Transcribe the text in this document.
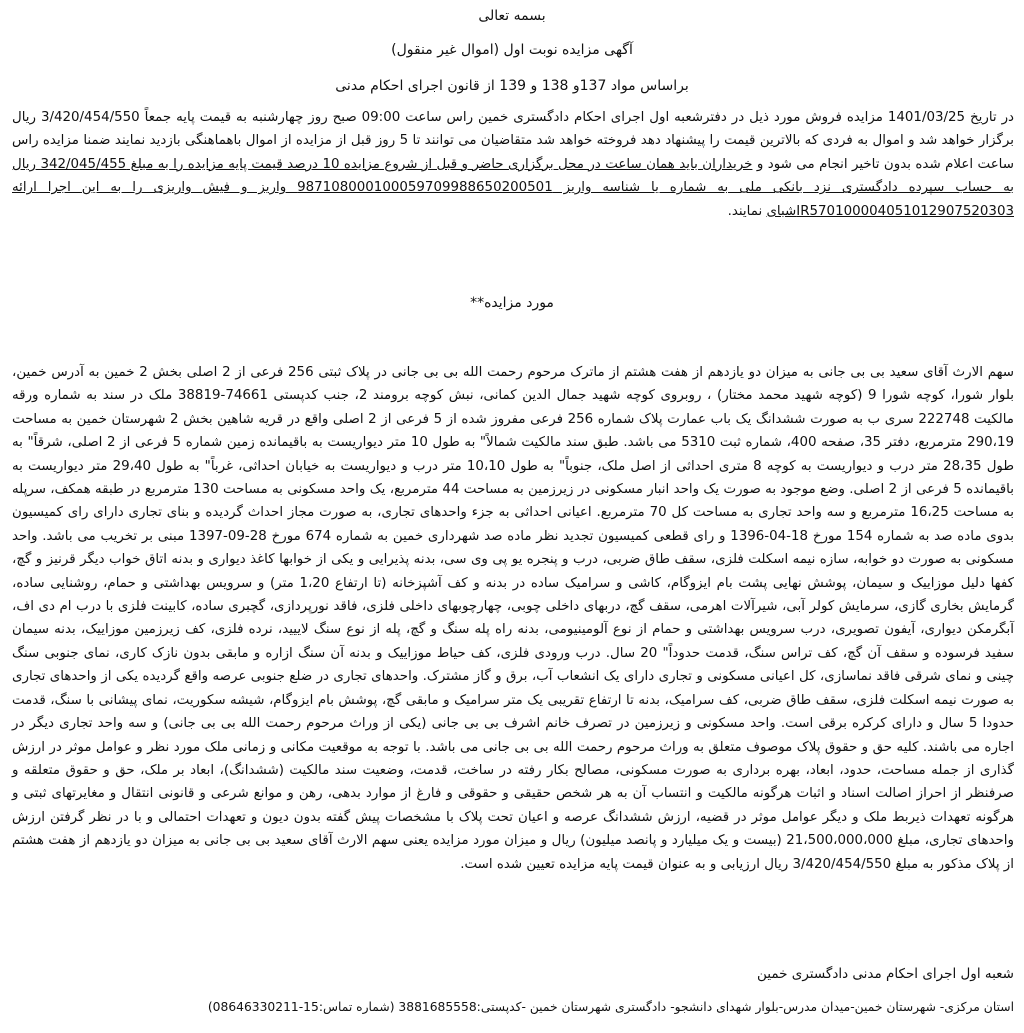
بسمه تعالی
آگهی مزایده نوبت اول (اموال غیر منقول)
براساس مواد 137و 138 و 139 از قانون اجرای احکام مدنی

در تاریخ 1401/03/25 مزایده فروش مورد ذیل در دفترشعبه اول اجرای احکام دادگستری خمین راس ساعت 09:00 صبح روز چهارشنبه به قیمت پایه جمعاً 3/420/454/550 ریال برگزار خواهد شد و اموال به فردی که بالاترین قیمت را پیشنهاد دهد فروخته خواهد شد متقاضیان می توانند تا 5 روز قبل از مزایده از اموال باهماهنگی بازدید نمایند ضمنا مزایده راس ساعت اعلام شده بدون تاخیر انجام می شود و خریداران باید همان ساعت در محل برگزاری حاضر و قبل از شروع مزایده 10 درصد قیمت پایه مزایده را به مبلغ 342/045/455 ریال به حساب سپرده دادگستری نزد بانکی ملی به شماره یا شناسه واریز 987108000100059709988650200501 واریز و فیش واریزی را به این اجرا ارائه IR570100004051012907520303شبای نمایند.

مورد مزایده**

سهم الارث آقای سعید بی بی جانی به میزان دو یازدهم از هفت هشتم از ماترک مرحوم رحمت الله بی بی جانی در پلاک ثبتی 256 فرعی از 2 اصلی بخش 2 خمین به آدرس خمین، بلوار شورا، کوچه شورا 9 (کوچه شهید محمد مختار) ، روبروی کوچه شهید جمال الدین کمانی، نبش کوچه برومند 2، جنب کدپستی 74661-38819 ملک در سند به شماره ورقه مالکیت 222748 سری ب به صورت ششدانگ یک باب عمارت پلاک شماره 256 فرعی مفروز شده از 5 فرعی از 2 اصلی واقع در قریه شاهین بخش 2 شهرستان خمین به مساحت 290،19 مترمربع، دفتر 35، صفحه 400، شماره ثبت 5310 می باشد. طبق سند مالکیت شمالاً" به طول 10 متر دیواریست به باقیمانده زمین شماره 5 فرعی از 2 اصلی، شرقاً" به طول 28،35 متر درب و دیواریست به کوچه 8 متری احداثی از اصل ملک، جنوباً" به طول 10،10 متر درب و دیواریست به خیابان احداثی، غرباً" به طول 29،40 متر دیواریست به باقیمانده 5 فرعی از 2 اصلی. وضع موجود به صورت یک واحد انبار مسکونی در زیرزمین به مساحت 44 مترمربع، یک واحد مسکونی به مساحت 130 مترمربع در طبقه همکف، سرپله به مساحت 16،25 مترمربع و سه واحد تجاری به مساحت کل 70 مترمربع. اعیانی احداثی به جزء واحدهای تجاری، به صورت مجاز احداث گردیده و بنای تجاری دارای رای کمیسیون بدوی ماده صد به شماره 154 مورخ 18-04-1396 و رای قطعی کمیسیون تجدید نظر ماده صد شهرداری خمین به شماره 674 مورخ 28-09-1397 مبنی بر تخریب می باشد. واحد مسکونی به صورت دو خوابه، سازه نیمه اسکلت فلزی، سقف طاق ضربی، درب و پنجره یو پی وی سی، بدنه پذیرایی و یکی از خوابها کاغذ دیواری و بدنه اتاق خواب دیگر قرنیز و گچ، کفها دلیل موزاییک و سیمان، پوشش نهایی پشت بام ایزوگام، کاشی و سرامیک ساده در بدنه و کف آشپزخانه (تا ارتفاع 1،20 متر) و سرویس بهداشتی و حمام، روشنایی ساده، گرمایش بخاری گازی، سرمایش کولر آبی، شیرآلات اهرمی، سقف گچ، دربهای داخلی چوبی، چهارچوبهای داخلی فلزی، فاقد نورپردازی، گچبری ساده، کابینت فلزی با درب ام دی اف، آبگرمکن دیواری، آیفون تصویری، درب سرویس بهداشتی و حمام از نوع آلومینیومی، بدنه راه پله سنگ و گچ، پله از نوع سنگ لاییید، نرده فلزی، کف زیرزمین موزاییک، بدنه سیمان سفید فرسوده و سقف آن گچ، کف تراس سنگ، قدمت حدوداً" 20 سال. درب ورودی فلزی، کف حیاط موزاییک و بدنه آن سنگ ازاره و مابقی بدون نازک کاری، نمای جنوبی سنگ چینی و نمای شرقی فاقد نماسازی، کل اعیانی مسکونی و تجاری دارای یک انشعاب آب، برق و گاز مشترک. واحدهای تجاری در ضلع جنوبی عرصه واقع گردیده یکی از واحدهای تجاری به صورت نیمه اسکلت فلزی، سقف طاق ضربی، کف سرامیک، بدنه تا ارتفاع تقریبی یک متر سرامیک و مابقی گچ، پوشش بام ایزوگام، شیشه سکوریت، نمای پیشانی با سنگ، قدمت حدودا 5 سال و دارای کرکره برقی است. واحد مسکونی و زیرزمین در تصرف خانم اشرف بی بی جانی (یکی از وراث مرحوم رحمت الله بی بی جانی) و سه واحد تجاری دیگر در اجاره می باشند. کلیه حق و حقوق پلاک موصوف متعلق به وراث مرحوم رحمت الله بی بی جانی می باشد. با توجه به موقعیت مکانی و زمانی ملک مورد نظر و عوامل موثر در ارزش گذاری از جمله مساحت، حدود، ابعاد، بهره برداری به صورت مسکونی، مصالح بکار رفته در ساخت، قدمت، وضعیت سند مالکیت (ششدانگ)، ابعاد بر ملک، حق و حقوق متعلقه و صرفنظر از احراز اصالت اسناد و اثبات هرگونه مالکیت و انتساب آن به هر شخص حقیقی و حقوقی و فارغ از موارد بدهی، رهن و موانع شرعی و قانونی انتقال و مغایرتهای ثبتی و هرگونه تعهدات ذیربط ملک و دیگر عوامل موثر در قضیه، ارزش ششدانگ عرصه و اعیان تحت پلاک با مشخصات پیش گفته بدون دیون و تعهدات احتمالی و با در نظر گرفتن ارزش واحدهای تجاری، مبلغ 21،500،000،000 (بیست و یک میلیارد و پانصد میلیون) ریال و میزان مورد مزایده یعنی سهم الارث آقای سعید بی بی جانی به میزان دو یازدهم از هفت هشتم از پلاک مذکور به مبلغ 3/420/454/550 ریال ارزیابی و به عنوان قیمت پایه مزایده تعیین شده است.

شعبه اول اجرای احکام مدنی دادگستری خمین
استان مرکزی- شهرستان خمین-میدان مدرس-بلوار شهدای دانشجو- دادگستری شهرستان خمین -کدپستی:3881685558 (شماره تماس:15-08646330211)
